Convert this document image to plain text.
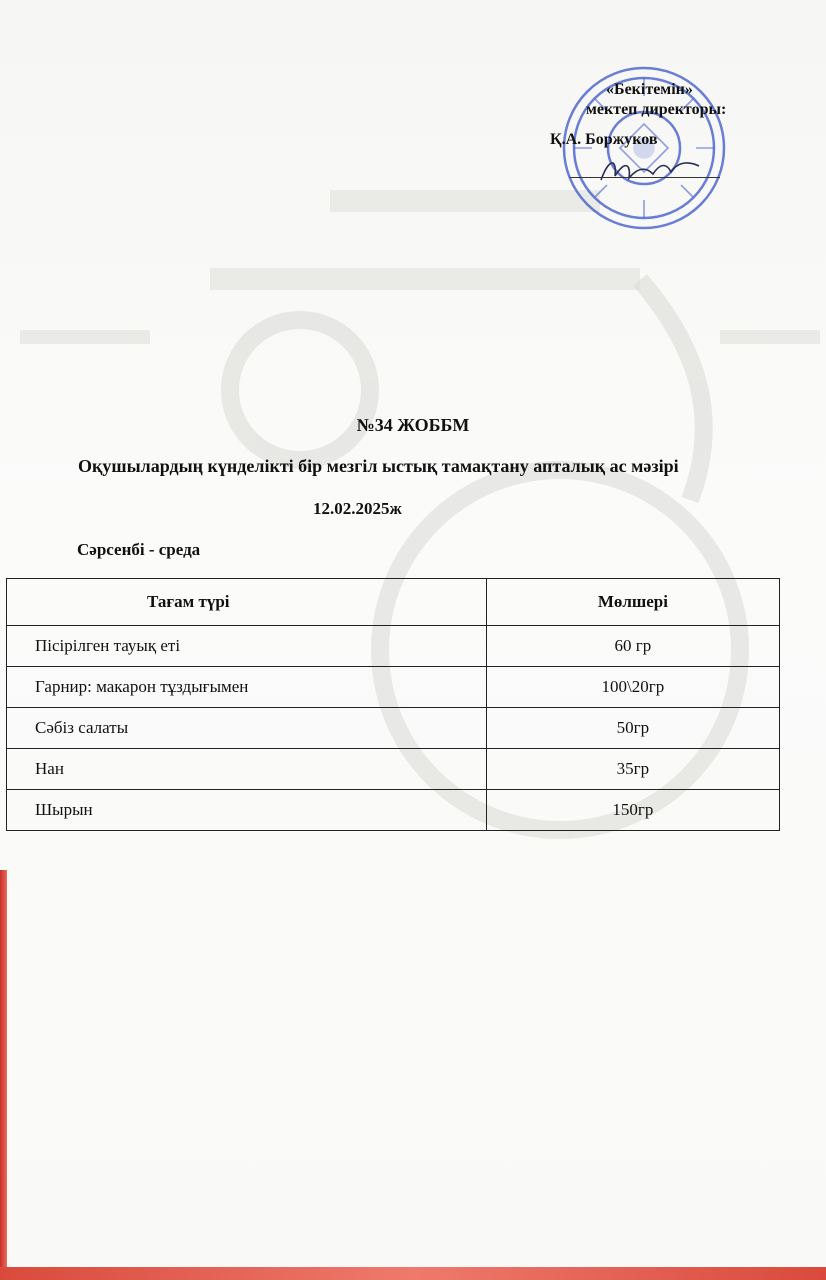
«Бекітемін»
мектеп директоры:
Қ.А. Боржуков
№34 ЖОББМ
Оқушылардың күнделікті бір мезгіл ыстық тамақтану апталық ас мәзірі
12.02.2025ж
Сәрсенбі - среда
Тағам түрі	Мөлшері
Пісірілген тауық еті	60 гр
Гарнир: макарон тұздығымен	100\20гр
Сәбіз салаты	50гр
Нан	35гр
Шырын	150гр
